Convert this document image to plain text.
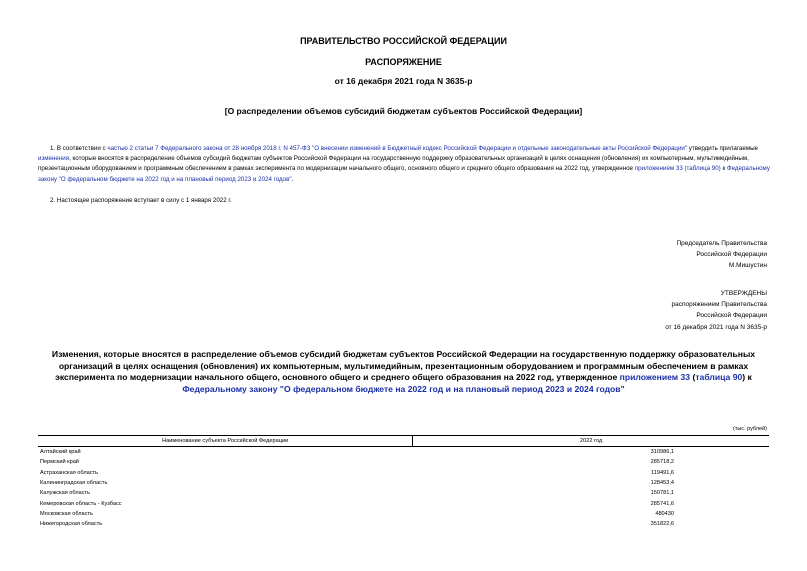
ПРАВИТЕЛЬСТВО РОССИЙСКОЙ ФЕДЕРАЦИИ
РАСПОРЯЖЕНИЕ
от 16 декабря 2021 года N 3635-р
[О распределении объемов субсидий бюджетам субъектов Российской Федерации]
1. В соответствии с частью 2 статьи 7 Федерального закона от 28 ноября 2018 г. N 457-ФЗ "О внесении изменений в Бюджетный кодекс Российской Федерации и отдельные законодательные акты Российской Федерации" утвердить прилагаемые изменения, которые вносятся в распределение объемов субсидий бюджетам субъектов Российской Федерации на государственную поддержку образовательных организаций в целях оснащения (обновления) их компьютерным, мультимедийным, презентационным оборудованием и программным обеспечением в рамках эксперимента по модернизации начального общего, основного общего и среднего общего образования на 2022 год, утвержденное приложением 33 (таблица 90) к Федеральному закону "О федеральном бюджете на 2022 год и на плановый период 2023 и 2024 годов".
2. Настоящее распоряжение вступает в силу с 1 января 2022 г.
Председатель Правительства
Российской Федерации
М.Мишустин
УТВЕРЖДЕНЫ
распоряжением Правительства
Российской Федерации
от 16 декабря 2021 года N 3635-р
Изменения, которые вносятся в распределение объемов субсидий бюджетам субъектов Российской Федерации на государственную поддержку образовательных организаций в целях оснащения (обновления) их компьютерным, мультимедийным, презентационным оборудованием и программным обеспечением в рамках эксперимента по модернизации начального общего, основного общего и среднего общего образования на 2022 год, утвержденное приложением 33 (таблица 90) к Федеральному закону "О федеральном бюджете на 2022 год и на плановый период 2023 и 2024 годов"
(тыс. рублей)
Наименование субъекта Российской Федерации	2022 год
Алтайский край	310986,1
Пермский край	285718,2
Астраханская область	119491,6
Калининградская область	128453,4
Калужская область	150781,1
Кемеровская область - Кузбасс	285741,6
Московская область	480430
Нижегородская область	351822,6
